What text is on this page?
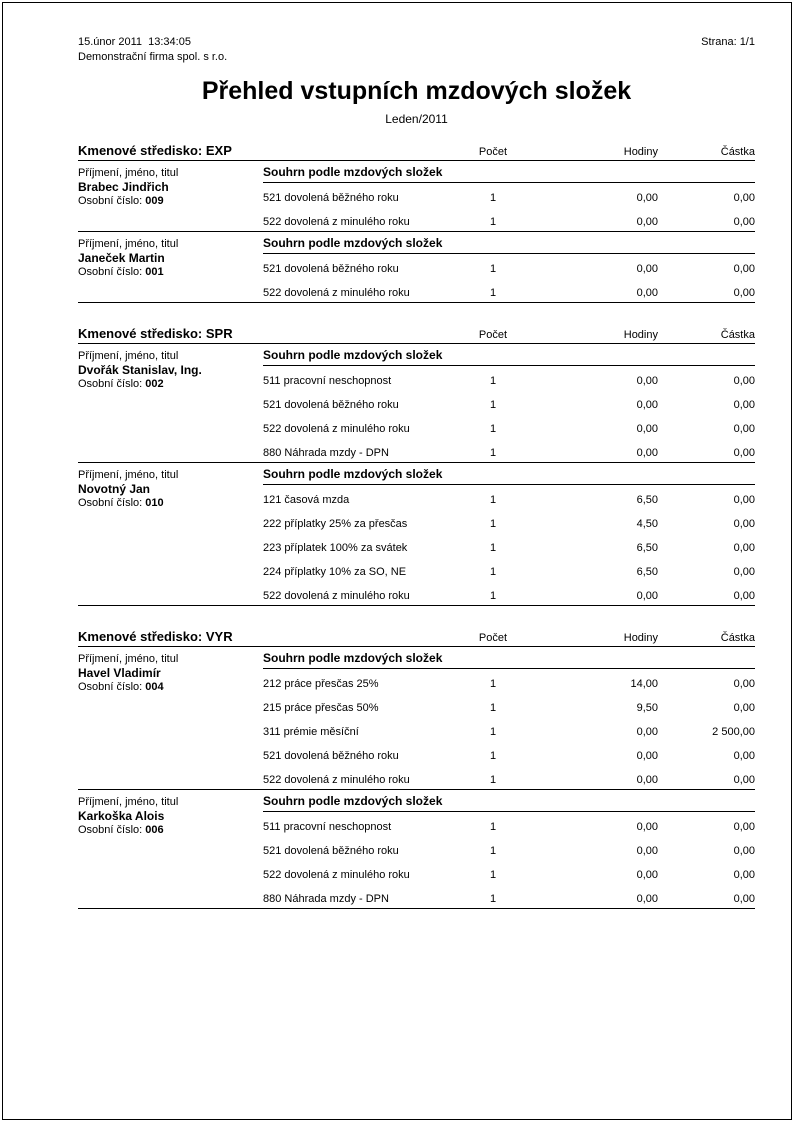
15.únor 2011  13:34:05
Demonstrační firma spol. s r.o.
Strana: 1/1
Přehled vstupních mzdových složek
Leden/2011
Kmenové středisko: EXP	Počet	Hodiny	Částka
Příjmení, jméno, titul
Brabec Jindřich
Osobní číslo: 009
Souhrn podle mzdových složek
521 dovolená běžného roku	1	0,00	0,00
522 dovolená z minulého roku	1	0,00	0,00
Příjmení, jméno, titul
Janeček Martin
Osobní číslo: 001
Souhrn podle mzdových složek
521 dovolená běžného roku	1	0,00	0,00
522 dovolená z minulého roku	1	0,00	0,00
Kmenové středisko: SPR	Počet	Hodiny	Částka
Příjmení, jméno, titul
Dvořák Stanislav, Ing.
Osobní číslo: 002
Souhrn podle mzdových složek
511 pracovní neschopnost	1	0,00	0,00
521 dovolená běžného roku	1	0,00	0,00
522 dovolená z minulého roku	1	0,00	0,00
880 Náhrada mzdy - DPN	1	0,00	0,00
Příjmení, jméno, titul
Novotný Jan
Osobní číslo: 010
Souhrn podle mzdových složek
121 časová mzda	1	6,50	0,00
222 příplatky 25% za přesčas	1	4,50	0,00
223 příplatek 100% za svátek	1	6,50	0,00
224 příplatky 10% za SO, NE	1	6,50	0,00
522 dovolená z minulého roku	1	0,00	0,00
Kmenové středisko: VYR	Počet	Hodiny	Částka
Příjmení, jméno, titul
Havel Vladimír
Osobní číslo: 004
Souhrn podle mzdových složek
212 práce přesčas 25%	1	14,00	0,00
215 práce přesčas 50%	1	9,50	0,00
311 prémie měsíční	1	0,00	2 500,00
521 dovolená běžného roku	1	0,00	0,00
522 dovolená z minulého roku	1	0,00	0,00
Příjmení, jméno, titul
Karkoška Alois
Osobní číslo: 006
Souhrn podle mzdových složek
511 pracovní neschopnost	1	0,00	0,00
521 dovolená běžného roku	1	0,00	0,00
522 dovolená z minulého roku	1	0,00	0,00
880 Náhrada mzdy - DPN	1	0,00	0,00
